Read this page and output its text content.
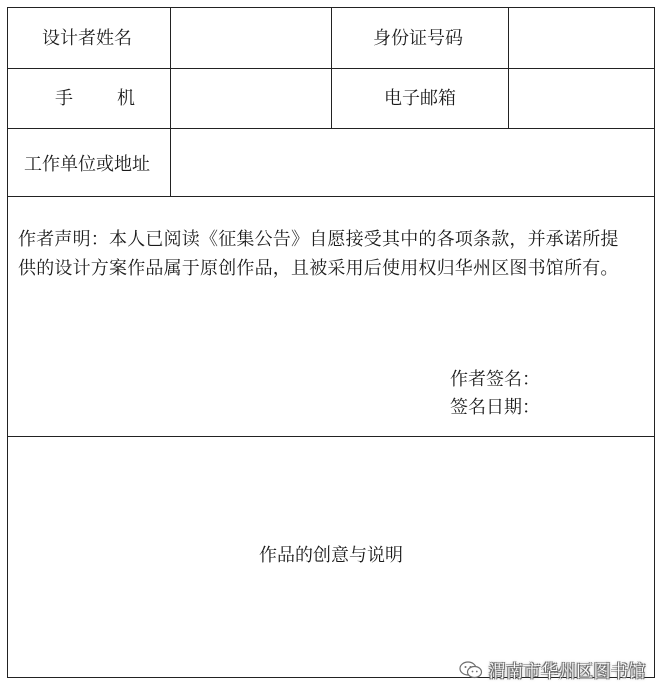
设计者姓名	身份证号码
手 机	电子邮箱
工作单位或地址
作者声明：本人已阅读《征集公告》自愿接受其中的各项条款，并承诺所提
供的设计方案作品属于原创作品，且被采用后使用权归华州区图书馆所有。
作者签名：
签名日期：
作品的创意与说明
渭南市华州区图书馆
